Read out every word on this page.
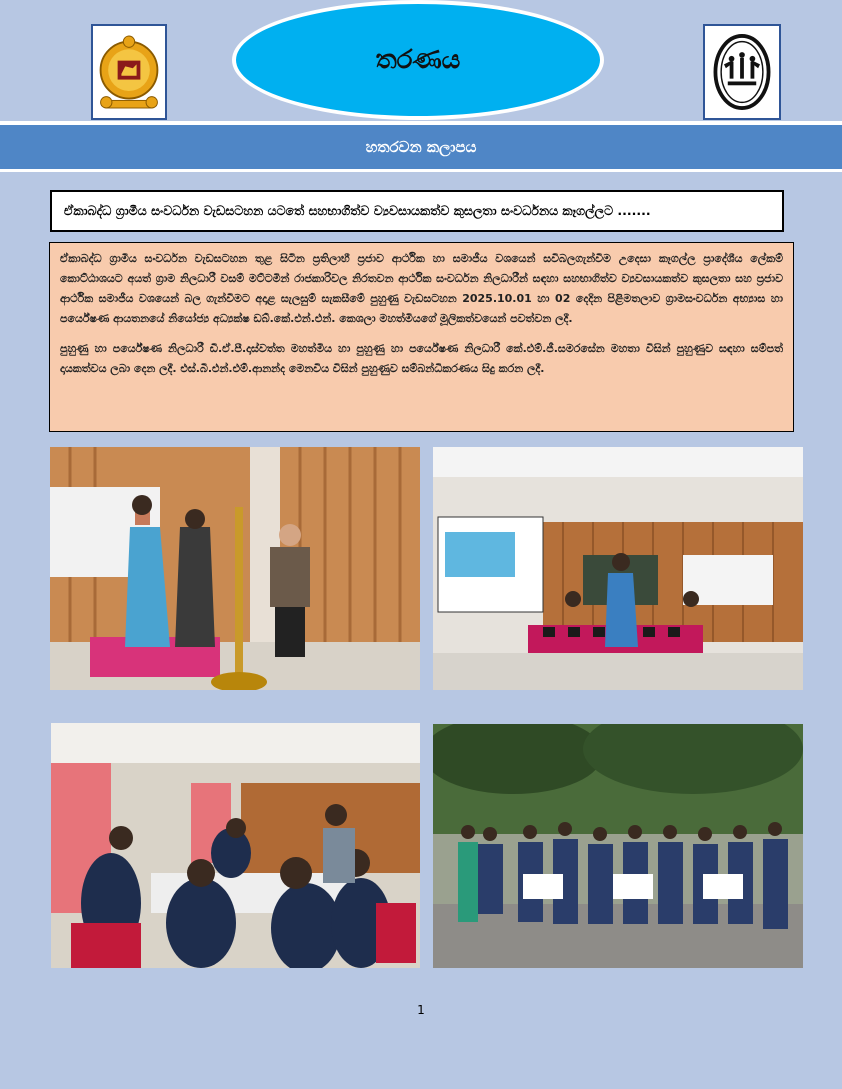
තරණය
හතරවන කලාපය
ඒකාබද්ධ ග්‍රාමීය සංවර්ධන වැඩසටහන යටතේ සහභාගිත්ව ව්‍යවසායකත්ව කුසලතා සංවර්ධනය කෑගල්ලට .......

ඒකාබද්ධ ග්‍රාමීය සංවර්ධන වැඩසටහන තුළ සිටින ප්‍රතිලාභී ප්‍රජාව ආර්ථික හා සමාජීය වශයෙන් සවිබලගැන්වීම උදෙසා කෑගල්ල ප්‍රාදේශීය ලේකම් කොට්ඨාශයට අයත් ග්‍රාම නිලධාරී වසම් මට්ටමින් රාජකාරිවල නිරතවන ආර්ථික සංවර්ධන නිලධාරීන් සඳහා සහභාගිත්ව ව්‍යවසායකත්ව කුසලතා සහ ප්‍රජාව ආර්ථික සමාජීය වශයෙන් බල ගැන්වීමට අදාළ සැලසුම් සැකසීමේ පුහුණු වැඩසටහන 2025.10.01 හා 02 දෙදින පිළිමතලාව ග්‍රාමසංවර්ධන අභ්‍යාස හා පර්යේෂණ ආයතනයේ නියෝජ්‍ය අධ්‍යක්ෂ ඩබ්.කේ.එන්.එන්. කෙශලා මහත්මියගේ මූලිකත්වයෙන් පවත්වන ලදී.

පුහුණු හා පර්යේෂණ නිලධාරී ඩී.ඒ.පී.දාස්වත්ත මහත්මිය හා පුහුණු හා පර්යේෂණ නිලධාරී කේ.එම්.ජී.සමරසේන මහතා විසින් පුහුණුව සඳහා සම්පත් දායකත්වය ලබා දෙන ලදී. එස්.බී.එන්.එම්.ආනන්ද මෙනවිය විසින් පුහුණුව සම්බන්ධීකරණය සිදු කරන ලදී.

1
